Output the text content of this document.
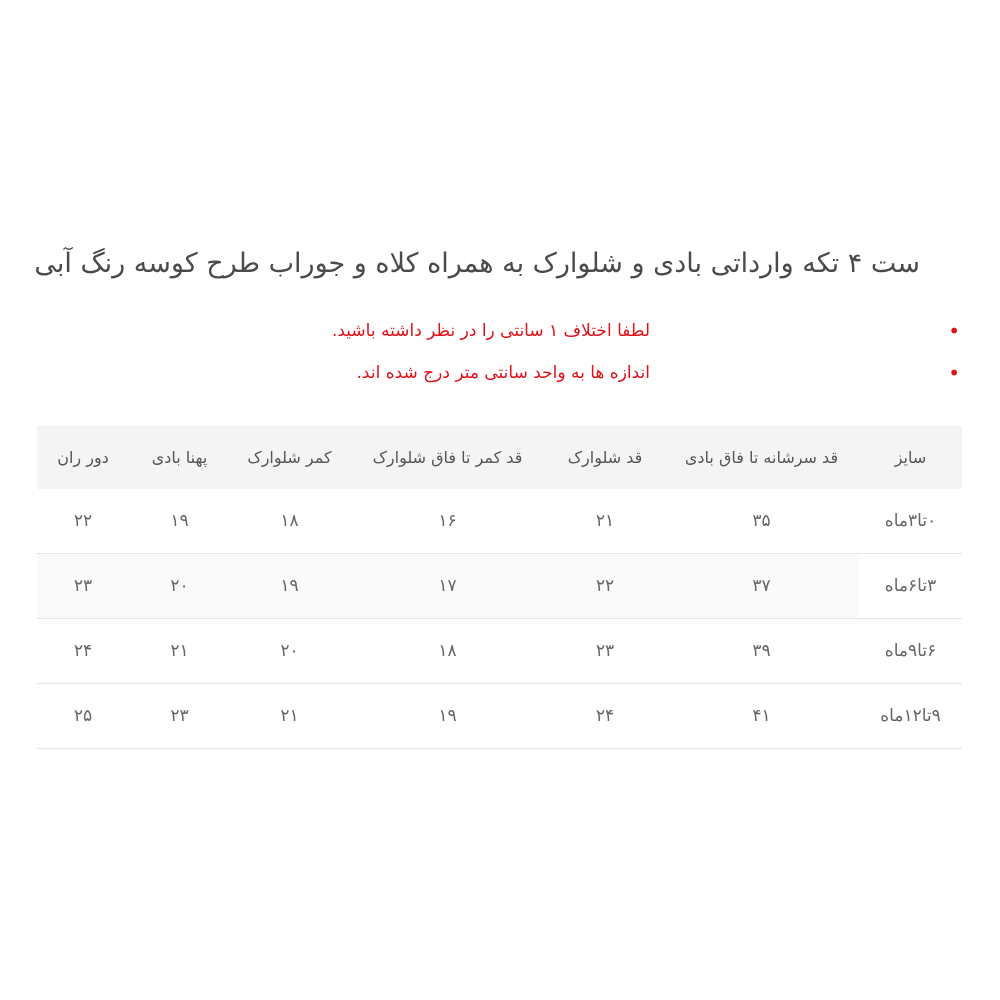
ست ۴ تکه وارداتی بادی و شلوارک به همراه کلاه و جوراب طرح کوسه رنگ آبی
•
لطفا اختلاف ۱ سانتی را در نظر داشته باشید.
•
اندازه ها به واحد سانتی متر درج شده اند.
سایز	قد سرشانه تا فاق بادی	قد شلوارک	قد کمر تا فاق شلوارک	کمر شلوارک	پهنا بادی	دور ران
۰تا۳ماه	۳۵	۲۱	۱۶	۱۸	۱۹	۲۲
۳تا۶ماه	۳۷	۲۲	۱۷	۱۹	۲۰	۲۳
۶تا۹ماه	۳۹	۲۳	۱۸	۲۰	۲۱	۲۴
۹تا۱۲ماه	۴۱	۲۴	۱۹	۲۱	۲۳	۲۵
